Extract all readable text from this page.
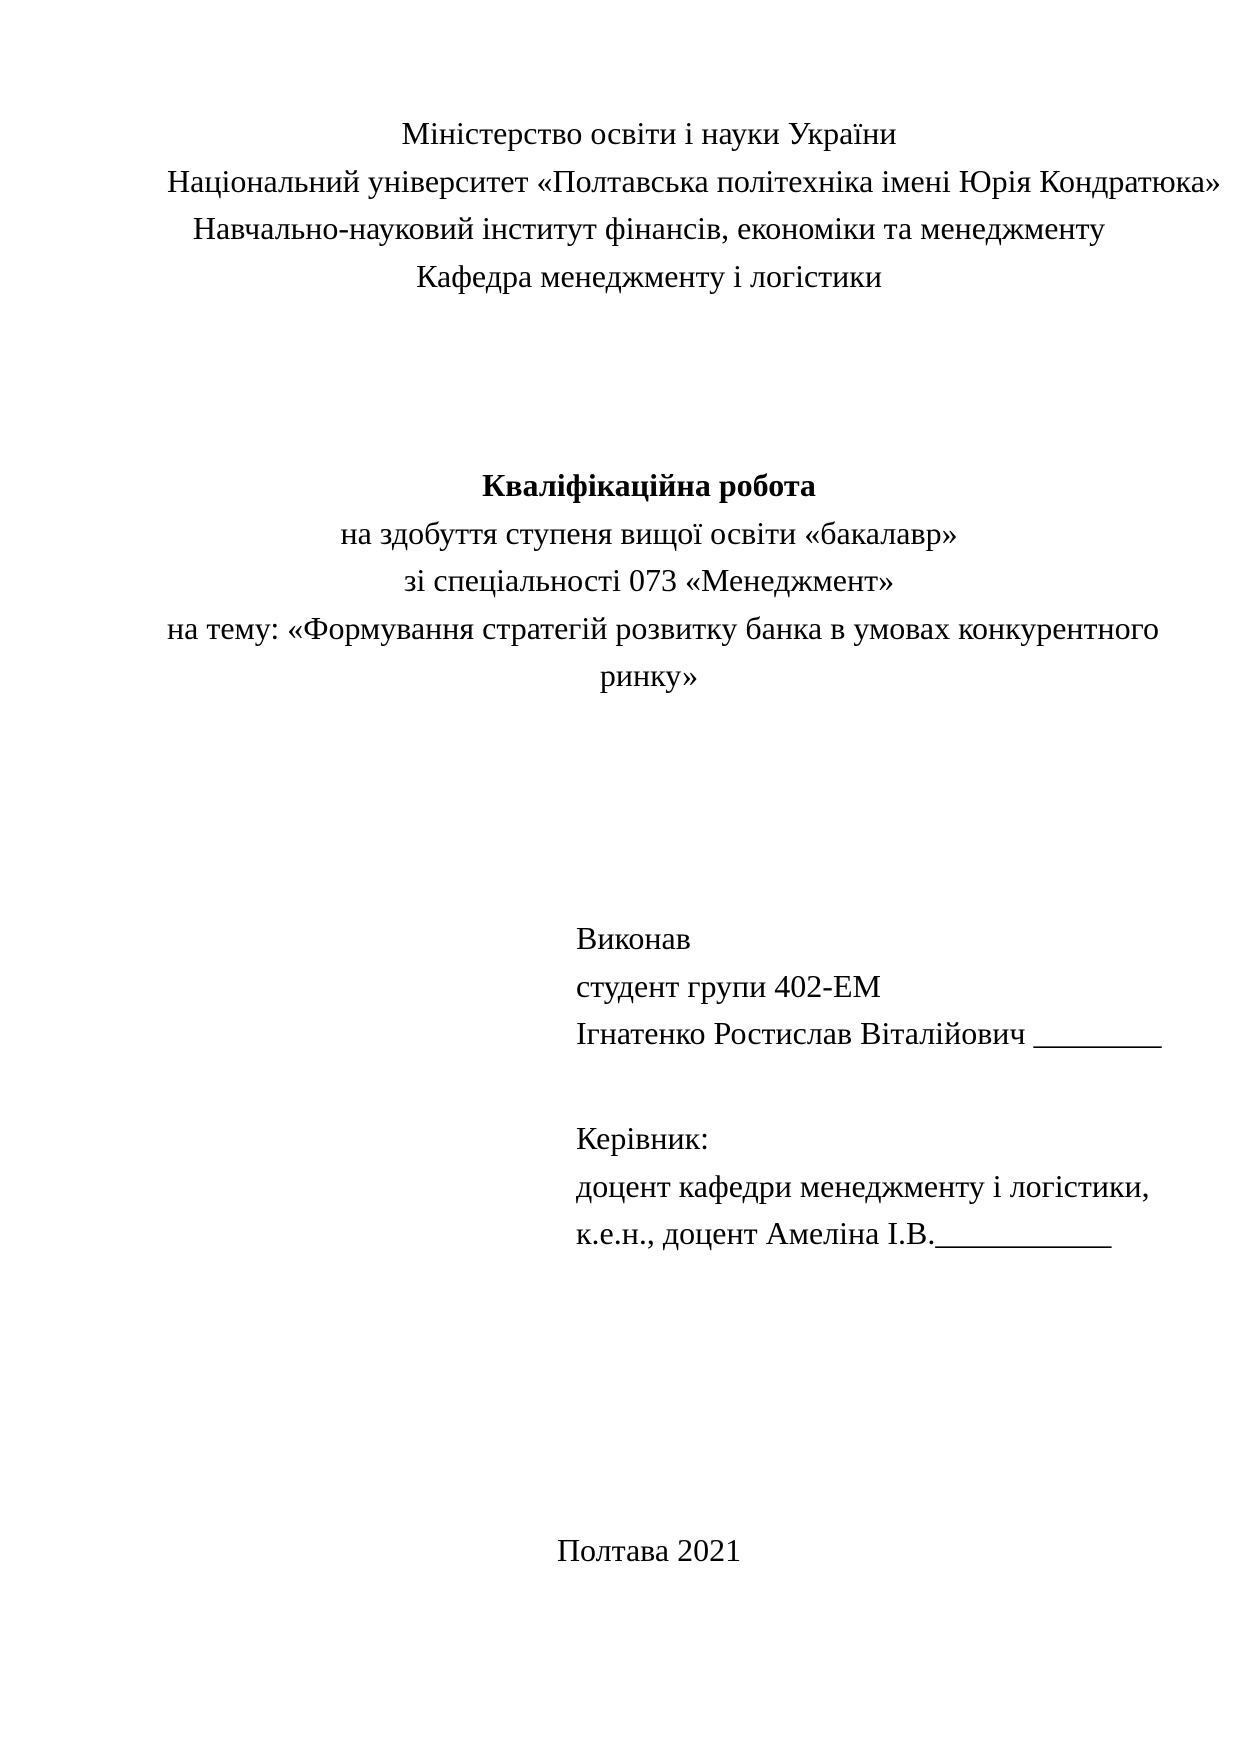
Міністерство освіти і науки України
Національний університет «Полтавська політехніка імені Юрія Кондратюка»
Навчально-науковий інститут фінансів, економіки та менеджменту
Кафедра менеджменту і логістики
Кваліфікаційна робота
на здобуття ступеня вищої освіти «бакалавр»
зі спеціальності 073 «Менеджмент»
на тему: «Формування стратегій розвитку банка в умовах конкурентного
ринку»
Виконав
студент групи 402-ЕМ
Ігнатенко Ростислав Віталійович ________
Керівник:
доцент кафедри менеджменту і логістики,
к.е.н., доцент Амеліна І.В.___________
Полтава 2021
